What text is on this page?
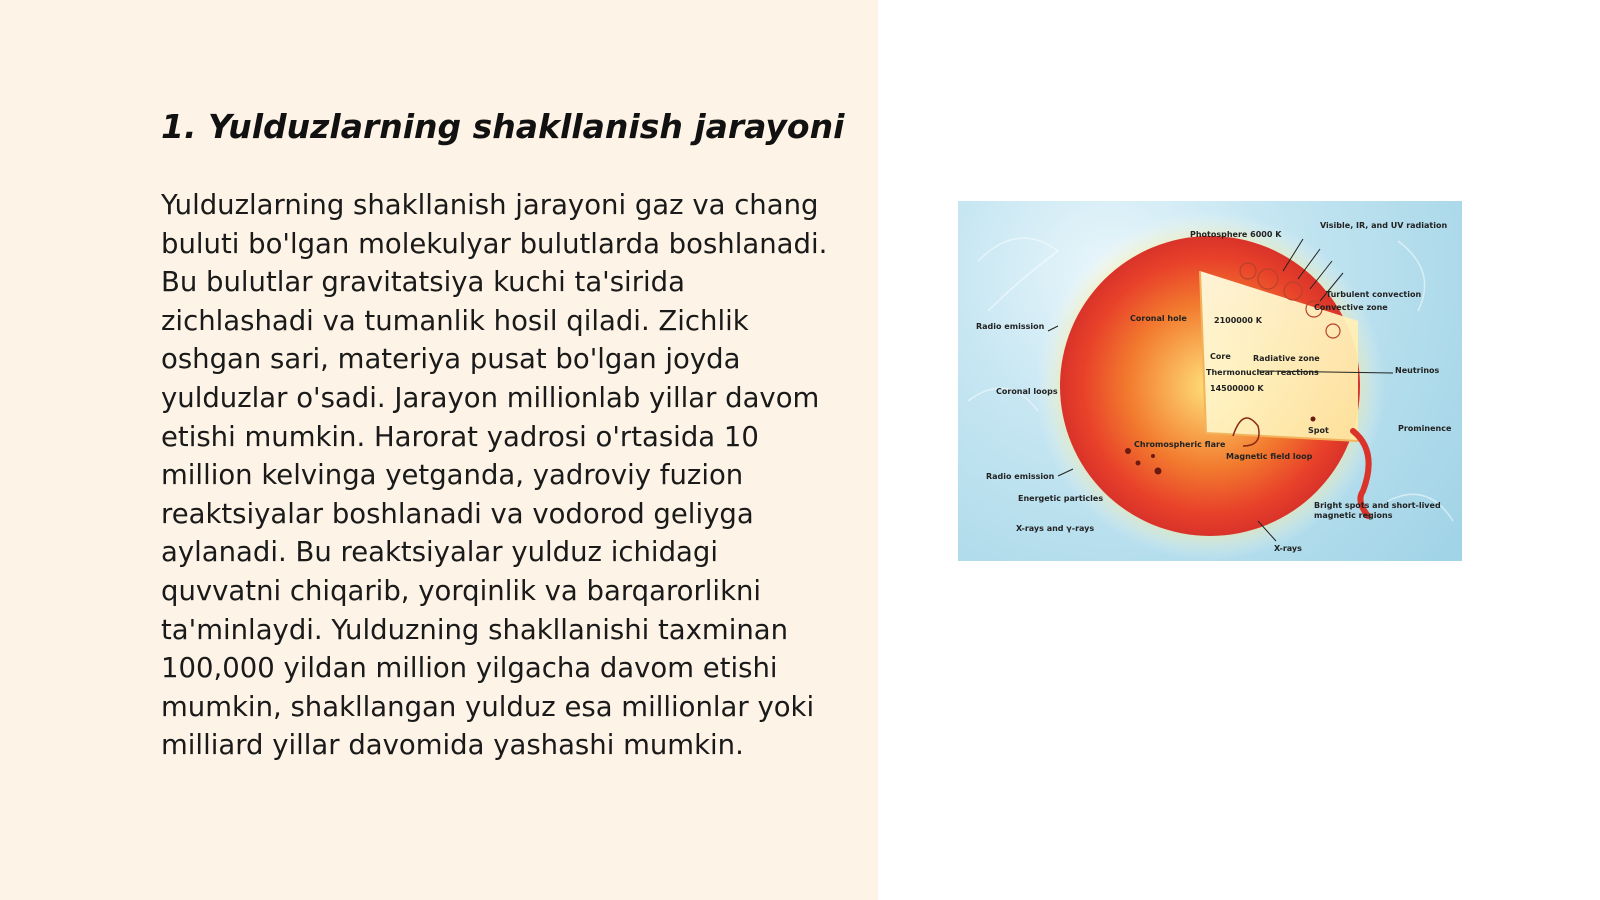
1. Yulduzlarning shakllanish jarayoni

Yulduzlarning shakllanish jarayoni gaz va chang buluti bo'lgan molekulyar bulutlarda boshlanadi. Bu bulutlar gravitatsiya kuchi ta'sirida zichlashadi va tumanlik hosil qiladi. Zichlik oshgan sari, materiya pusat bo'lgan joyda yulduzlar o'sadi. Jarayon millionlab yillar davom etishi mumkin. Harorat yadrosi o'rtasida 10 million kelvinga yetganda, yadroviy fuzion reaktsiyalar boshlanadi va vodorod geliyga aylanadi. Bu reaktsiyalar yulduz ichidagi quvvatni chiqarib, yorqinlik va barqarorlikni ta'minlaydi. Yulduzning shakllanishi taxminan 100,000 yildan million yilgacha davom etishi mumkin, shakllangan yulduz esa millionlar yoki milliard yillar davomida yashashi mumkin.

Photosphere 6000 K
Visible, IR, and UV radiation
Turbulent convection
Convective zone
Radio emission
Coronal hole	2100000 K
Core	Radiative zone
Thermonuclear reactions
14500000 K
Neutrinos
Coronal loops
Prominence
Spot
Chromospheric flare
Magnetic field loop
Radio emission
Energetic particles
Bright spots and short-lived
magnetic regions
X-rays and γ-rays
X-rays
